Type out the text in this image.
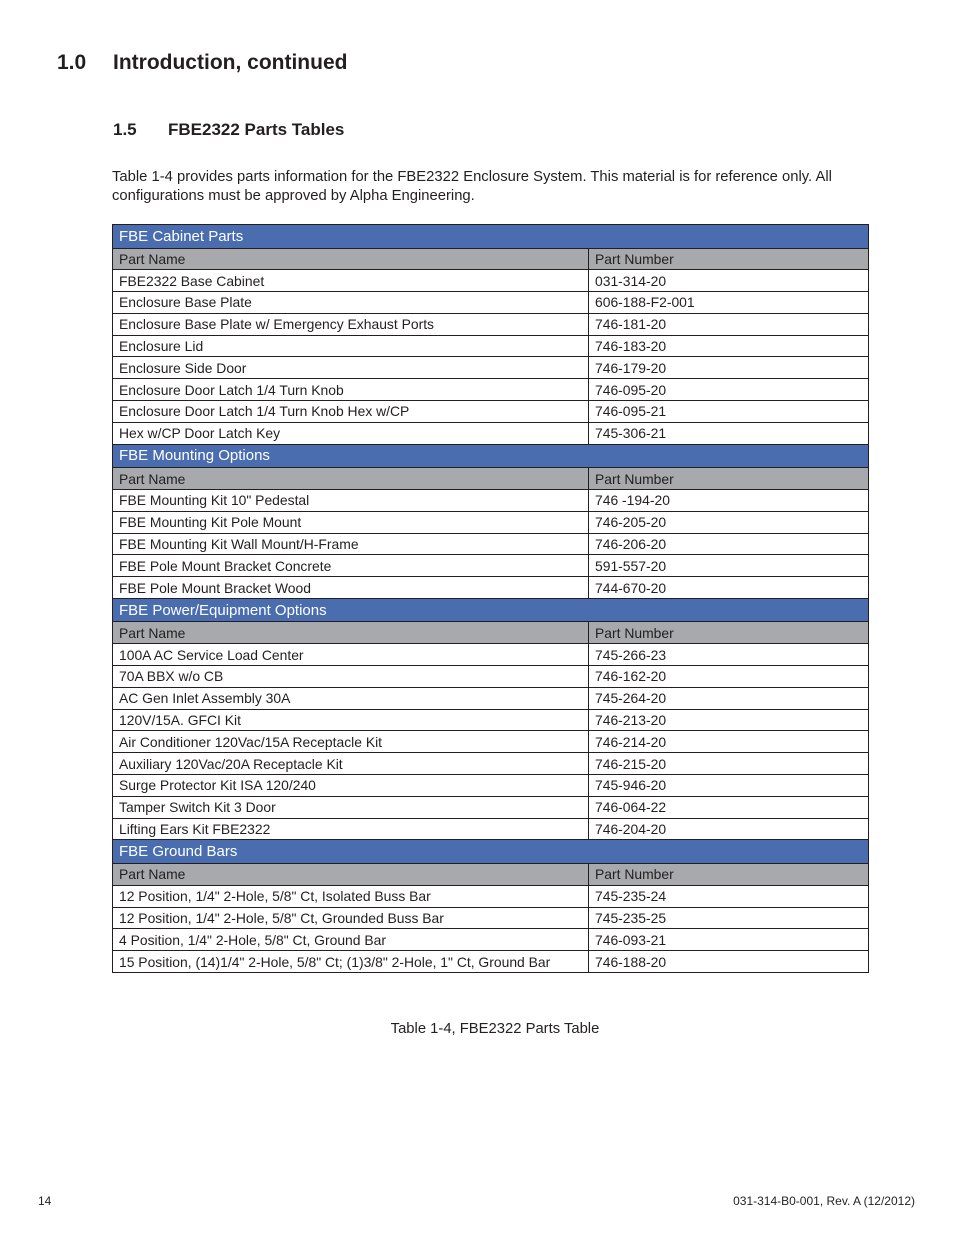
1.0 Introduction, continued
1.5 FBE2322 Parts Tables

Table 1-4 provides parts information for the FBE2322 Enclosure System. This material is for reference only. All configurations must be approved by Alpha Engineering.

FBE Cabinet Parts	
Part Name	Part Number
FBE2322 Base Cabinet	031-314-20
Enclosure Base Plate	606-188-F2-001
Enclosure Base Plate w/ Emergency Exhaust Ports	746-181-20
Enclosure Lid	746-183-20
Enclosure Side Door	746-179-20
Enclosure Door Latch 1/4 Turn Knob	746-095-20
Enclosure Door Latch 1/4 Turn Knob Hex w/CP	746-095-21
Hex w/CP Door Latch Key	745-306-21
FBE Mounting Options	
Part Name	Part Number
FBE Mounting Kit 10" Pedestal	746 -194-20
FBE Mounting Kit Pole Mount	746-205-20
FBE Mounting Kit Wall Mount/H-Frame	746-206-20
FBE Pole Mount Bracket Concrete	591-557-20
FBE Pole Mount Bracket Wood	744-670-20
FBE Power/Equipment Options	
Part Name	Part Number
100A AC Service Load Center	745-266-23
70A BBX w/o CB	746-162-20
AC Gen Inlet Assembly 30A	745-264-20
120V/15A. GFCI Kit	746-213-20
Air Conditioner 120Vac/15A Receptacle Kit	746-214-20
Auxiliary 120Vac/20A Receptacle Kit	746-215-20
Surge Protector Kit ISA 120/240	745-946-20
Tamper Switch Kit 3 Door	746-064-22
Lifting Ears Kit FBE2322	746-204-20
FBE Ground Bars	
Part Name	Part Number
12 Position, 1/4" 2-Hole, 5/8" Ct, Isolated Buss Bar	745-235-24
12 Position, 1/4" 2-Hole, 5/8" Ct, Grounded Buss Bar	745-235-25
4 Position, 1/4" 2-Hole, 5/8" Ct, Ground Bar	746-093-21
15 Position, (14)1/4" 2-Hole, 5/8" Ct; (1)3/8" 2-Hole, 1" Ct, Ground Bar	746-188-20
Table 1-4, FBE2322 Parts Table
14	031-314-B0-001, Rev. A (12/2012)
